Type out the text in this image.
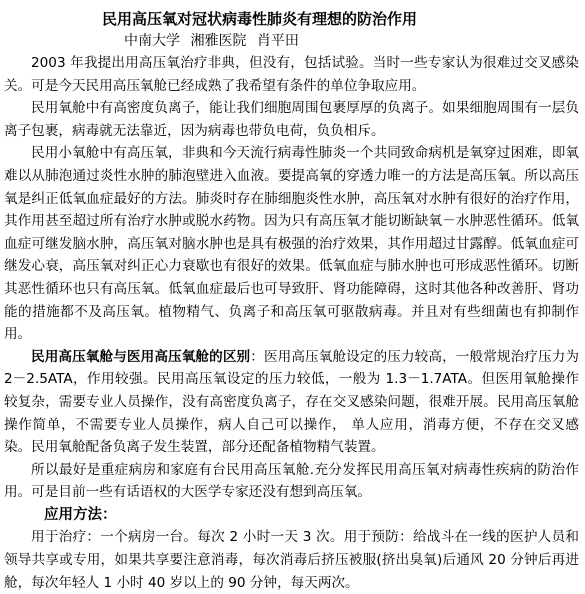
民用高压氧对冠状病毒性肺炎有理想的防治作用
中南大学 湘雅医院 肖平田

2003 年我提出用高压氧治疗非典，但没有，包括试验。当时一些专家认为很难过交叉感染关。可是今天民用高压氧舱已经成熟了我希望有条件的单位争取应用。

民用氧舱中有高密度负离子，能让我们细胞周围包裹厚厚的负离子。如果细胞周围有一层负离子包裹，病毒就无法靠近，因为病毒也带负电荷，负负相斥。

民用小氧舱中有高压氧，非典和今天流行病毒性肺炎一个共同致命病机是氧穿过困难，即氧难以从肺泡通过炎性水肿的肺泡壁进入血液。要提高氧的穿透力唯一的方法是高压氧。所以高压氧是纠正低氧血症最好的方法。肺炎时存在肺细胞炎性水肿，高压氧对水肿有很好的治疗作用，其作用甚至超过所有治疗水肿或脱水药物。因为只有高压氧才能切断缺氧－水肿恶性循环。低氧血症可继发脑水肿，高压氧对脑水肿也是具有极强的治疗效果，其作用超过甘露醇。低氧血症可继发心衰，高压氧对纠正心力衰歇也有很好的效果。低氧血症与肺水肿也可形成恶性循环。切断其恶性循环也只有高压氧。低氧血症最后也可导致肝、肾功能障碍，这时其他各种改善肝、肾功能的措施都不及高压氧。植物精气、负离子和高压氧可驱散病毒。并且对有些细菌也有抑制作用。

民用高压氧舱与医用高压氧舱的区别：医用高压氧舱设定的压力较高，一般常规治疗压力为 2－2.5ATA，作用较强。民用高压氧设定的压力较低，一般为 1.3－1.7ATA。但医用氧舱操作较复杂，需要专业人员操作，没有高密度负离子，存在交叉感染问题，很难开展。民用高压氧舱操作简单，不需要专业人员操作，病人自己可以操作， 单人应用，消毒方便，不存在交叉感染。民用氧舱配备负离子发生装置，部分还配备植物精气装置。

所以最好是重症病房和家庭有台民用高压氧舱.充分发挥民用高压氧对病毒性疾病的防治作用。可是目前一些有话语权的大医学专家还没有想到高压氧。

应用方法：

用于治疗：一个病房一台。每次 2 小时一天 3 次。用于预防：给战斗在一线的医护人员和领导共享或专用，如果共享要注意消毒，每次消毒后挤压被服(挤出臭氧)后通风 20 分钟后再进舱，每次年轻人 1 小时 40 岁以上的 90 分钟，每天两次。
